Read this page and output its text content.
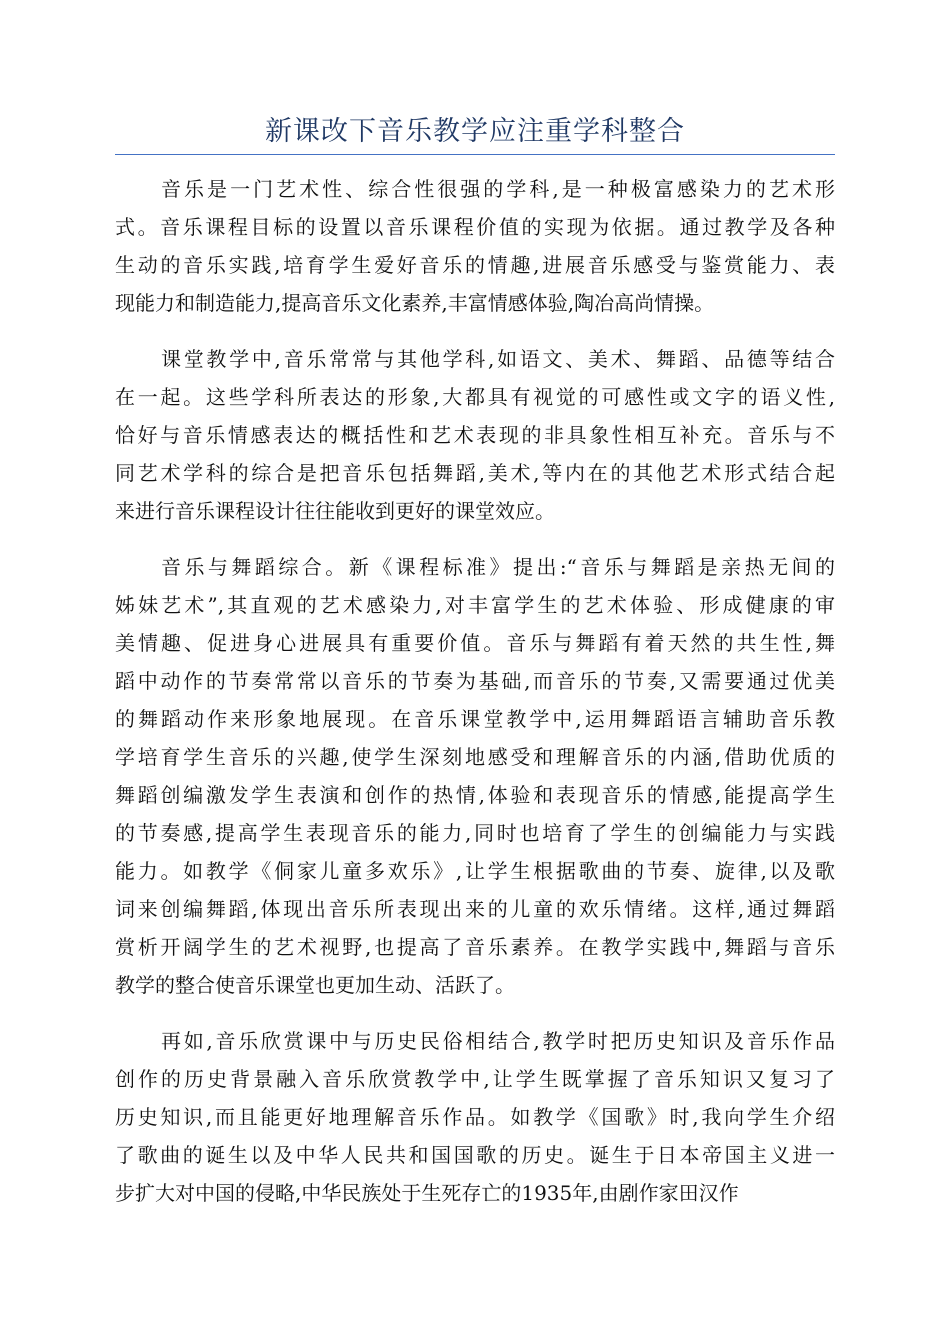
新课改下音乐教学应注重学科整合
音乐是一门艺术性、综合性很强的学科,是一种极富感染力的艺术形
式。音乐课程目标的设置以音乐课程价值的实现为依据。通过教学及各种
生动的音乐实践,培育学生爱好音乐的情趣,进展音乐感受与鉴赏能力、表
现能力和制造能力,提高音乐文化素养,丰富情感体验,陶冶高尚情操。
课堂教学中,音乐常常与其他学科,如语文、美术、舞蹈、品德等结合
在一起。这些学科所表达的形象,大都具有视觉的可感性或文字的语义性,
恰好与音乐情感表达的概括性和艺术表现的非具象性相互补充。音乐与不
同艺术学科的综合是把音乐包括舞蹈,美术,等内在的其他艺术形式结合起
来进行音乐课程设计往往能收到更好的课堂效应。
音乐与舞蹈综合。新《课程标准》提出:“音乐与舞蹈是亲热无间的
姊妹艺术”,其直观的艺术感染力,对丰富学生的艺术体验、形成健康的审
美情趣、促进身心进展具有重要价值。音乐与舞蹈有着天然的共生性,舞
蹈中动作的节奏常常以音乐的节奏为基础,而音乐的节奏,又需要通过优美
的舞蹈动作来形象地展现。在音乐课堂教学中,运用舞蹈语言辅助音乐教
学培育学生音乐的兴趣,使学生深刻地感受和理解音乐的内涵,借助优质的
舞蹈创编激发学生表演和创作的热情,体验和表现音乐的情感,能提高学生
的节奏感,提高学生表现音乐的能力,同时也培育了学生的创编能力与实践
能力。如教学《侗家儿童多欢乐》,让学生根据歌曲的节奏、旋律,以及歌
词来创编舞蹈,体现出音乐所表现出来的儿童的欢乐情绪。这样,通过舞蹈
赏析开阔学生的艺术视野,也提高了音乐素养。在教学实践中,舞蹈与音乐
教学的整合使音乐课堂也更加生动、活跃了。
再如,音乐欣赏课中与历史民俗相结合,教学时把历史知识及音乐作品
创作的历史背景融入音乐欣赏教学中,让学生既掌握了音乐知识又复习了
历史知识,而且能更好地理解音乐作品。如教学《国歌》时,我向学生介绍
了歌曲的诞生以及中华人民共和国国歌的历史。诞生于日本帝国主义进一
步扩大对中国的侵略,中华民族处于生死存亡的1935年,由剧作家田汉作
